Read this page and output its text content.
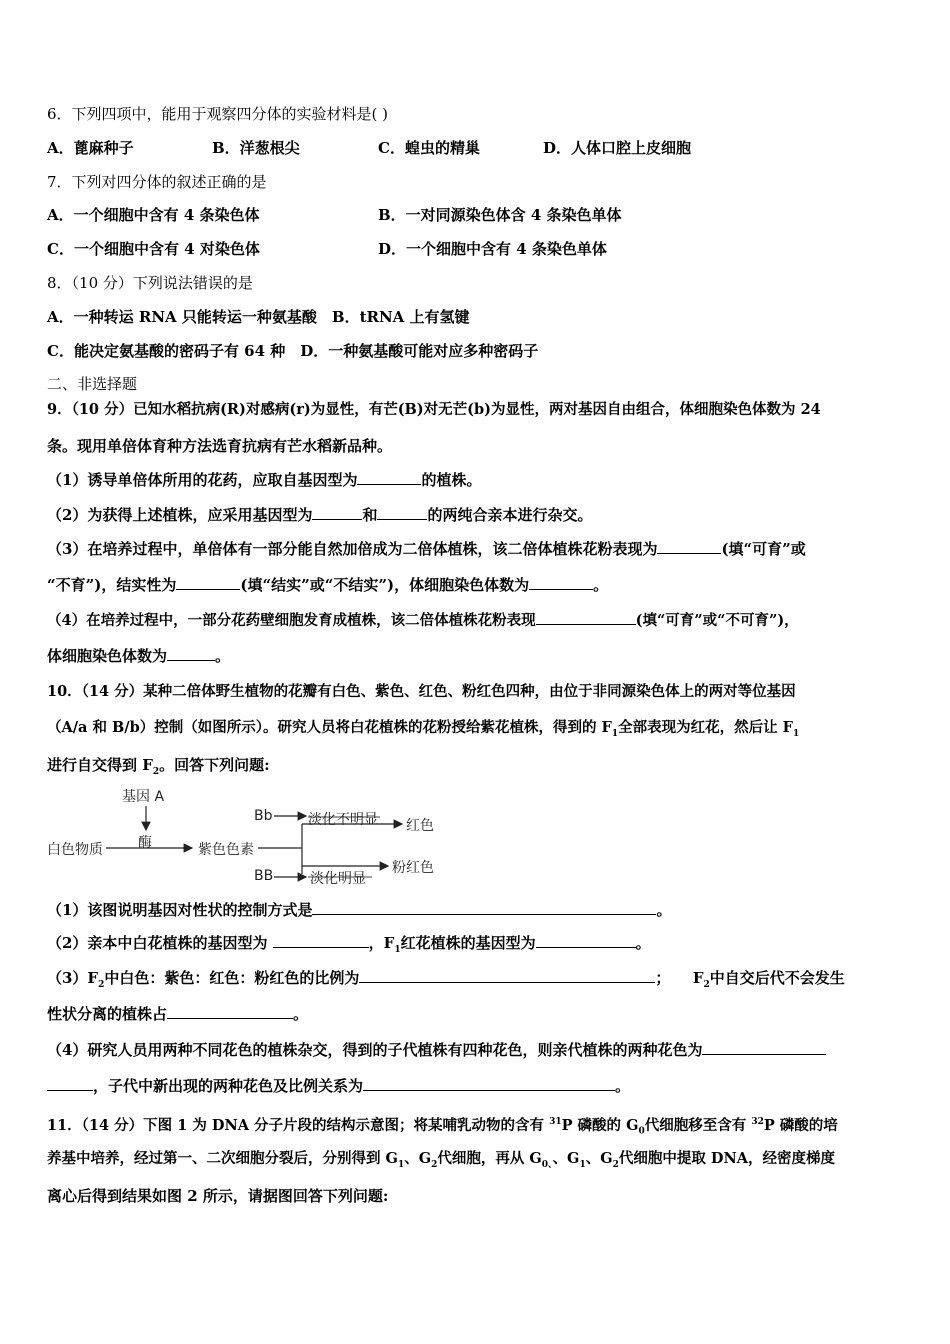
6．下列四项中，能用于观察四分体的实验材料是( )
A．蓖麻种子	B．洋葱根尖	C．蝗虫的精巢	D．人体口腔上皮细胞
7．下列对四分体的叙述正确的是
A．一个细胞中含有 4 条染色体	B．一对同源染色体含 4 条染色单体
C．一个细胞中含有 4 对染色体	D．一个细胞中含有 4 条染色单体
8．（10 分）下列说法错误的是
A．一种转运 RNA 只能转运一种氨基酸　B．tRNA 上有氢键
C．能决定氨基酸的密码子有 64 种　D．一种氨基酸可能对应多种密码子
二、非选择题
9．（10 分）已知水稻抗病(R)对感病(r)为显性，有芒(B)对无芒(b)为显性，两对基因自由组合，体细胞染色体数为 24
条。现用单倍体育种方法选育抗病有芒水稻新品种。
（1）诱导单倍体所用的花药，应取自基因型为	的植株。
（2）为获得上述植株，应采用基因型为	和	的两纯合亲本进行杂交。
（3）在培养过程中，单倍体有一部分能自然加倍成为二倍体植株，该二倍体植株花粉表现为	(填“可育”或
“不育”)，结实性为	(填“结实”或“不结实”)，体细胞染色体数为	。
（4）在培养过程中，一部分花药壁细胞发育成植株，该二倍体植株花粉表现	(填“可育”或“不可育”)，
体细胞染色体数为	。
10．（14 分）某种二倍体野生植物的花瓣有白色、紫色、红色、粉红色四种，由位于非同源染色体上的两对等位基因
（A/a 和 B/b）控制（如图所示）。研究人员将白花植株的花粉授给紫花植株，得到的 $F_1$全部表现为红花，然后让 $F_1$
进行自交得到 $F_2$。回答下列问题:
基因 A
酶
白色物质	紫色色素
Bb	淡化不明显 红色
粉红色
BB	淡化明显
（1）该图说明基因对性状的控制方式是	。
（2）亲本中白花植株的基因型为	，$F_1$红花植株的基因型为	。
$(3)F_2$中白色：紫色：红色：粉红色的比例为	；　　$F_2$中自交后代不会发生
性状分离的植株占	。
（4）研究人员用两种不同花色的植株杂交，得到的子代植株有四种花色，则亲代植株的两种花色为
，子代中新出现的两种花色及比例关系为	。
11．（14 分）下图 1 为 DNA 分子片段的结构示意图；将某哺乳动物的含有 $^{31}$P 磷酸的 $G_0$代细胞移至含有 $^{32}$P 磷酸的培
养基中培养，经过第一、二次细胞分裂后，分别得到 $G_1$、$G_2$代细胞，再从 $G_{0、}$、$G_1$、$G_2$代细胞中提取 DNA，经密度梯度
离心后得到结果如图 2 所示，请据图回答下列问题:
